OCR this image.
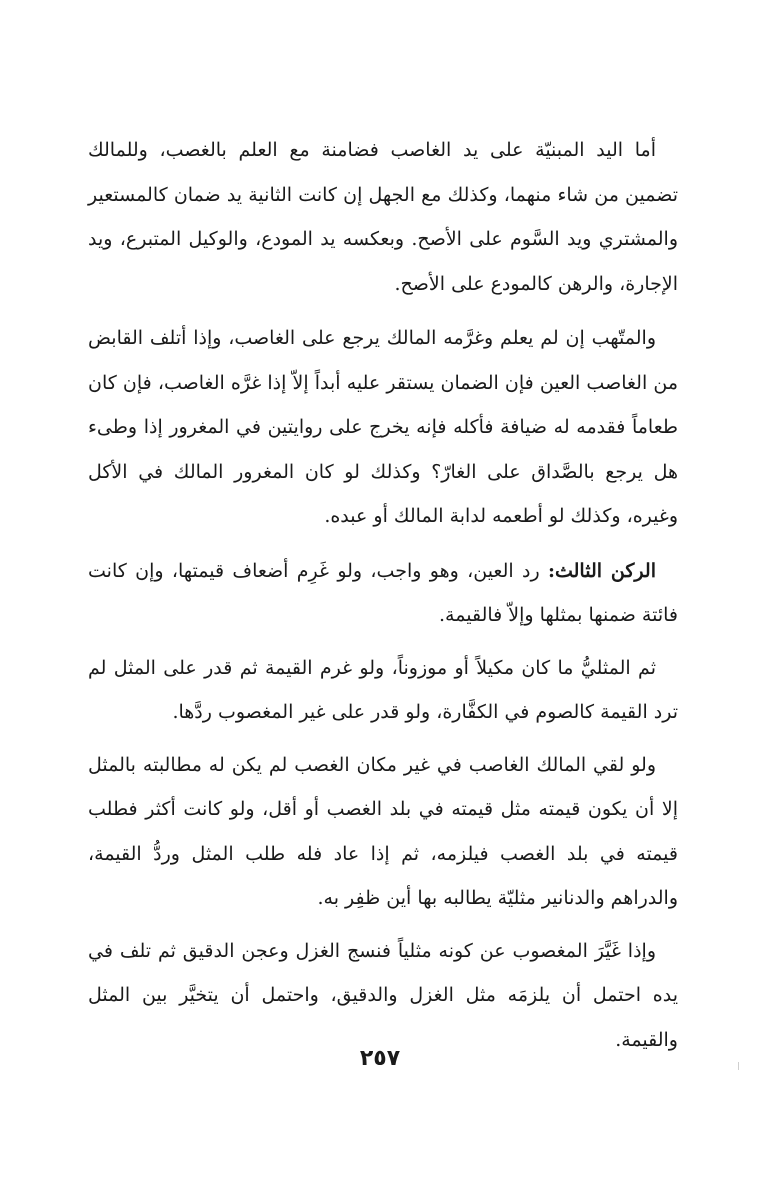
أما اليد المبنيّة على يد الغاصب فضامنة مع العلم بالغصب، وللمالك تضمين من شاء منهما، وكذلك مع الجهل إن كانت الثانية يد ضمان كالمستعير والمشتري ويد السَّوم على الأصح. وبعكسه يد المودع، والوكيل المتبرع، ويد الإجارة، والرهن كالمودع على الأصح.

والمتّهب إن لم يعلم وغرَّمه المالك يرجع على الغاصب، وإذا أتلف القابض من الغاصب العين فإن الضمان يستقر عليه أبداً إلاّ إذا غرَّه الغاصب، فإن كان طعاماً فقدمه له ضيافة فأكله فإنه يخرج على روايتين في المغرور إذا وطىء هل يرجع بالصَّداق على الغارّ؟ وكذلك لو كان المغرور المالك في الأكل وغيره، وكذلك لو أطعمه لدابة المالك أو عبده.

الركن الثالث: رد العين، وهو واجب، ولو غَرِم أضعاف قيمتها، وإن كانت فائتة ضمنها بمثلها وإلاّ فالقيمة.

ثم المثليُّ ما كان مكيلاً أو موزوناً، ولو غرم القيمة ثم قدر على المثل لم ترد القيمة كالصوم في الكفَّارة، ولو قدر على غير المغصوب ردَّها.

ولو لقي المالك الغاصب في غير مكان الغصب لم يكن له مطالبته بالمثل إلا أن يكون قيمته مثل قيمته في بلد الغصب أو أقل، ولو كانت أكثر فطلب قيمته في بلد الغصب فيلزمه، ثم إذا عاد فله طلب المثل وردُّ القيمة، والدراهم والدنانير مثليّة يطالبه بها أين ظفِر به.

وإذا غَيَّرَ المغصوب عن كونه مثلياً فنسج الغزل وعجن الدقيق ثم تلف في يده احتمل أن يلزمَه مثل الغزل والدقيق، واحتمل أن يتخيَّر بين المثل والقيمة.

٢٥٧
